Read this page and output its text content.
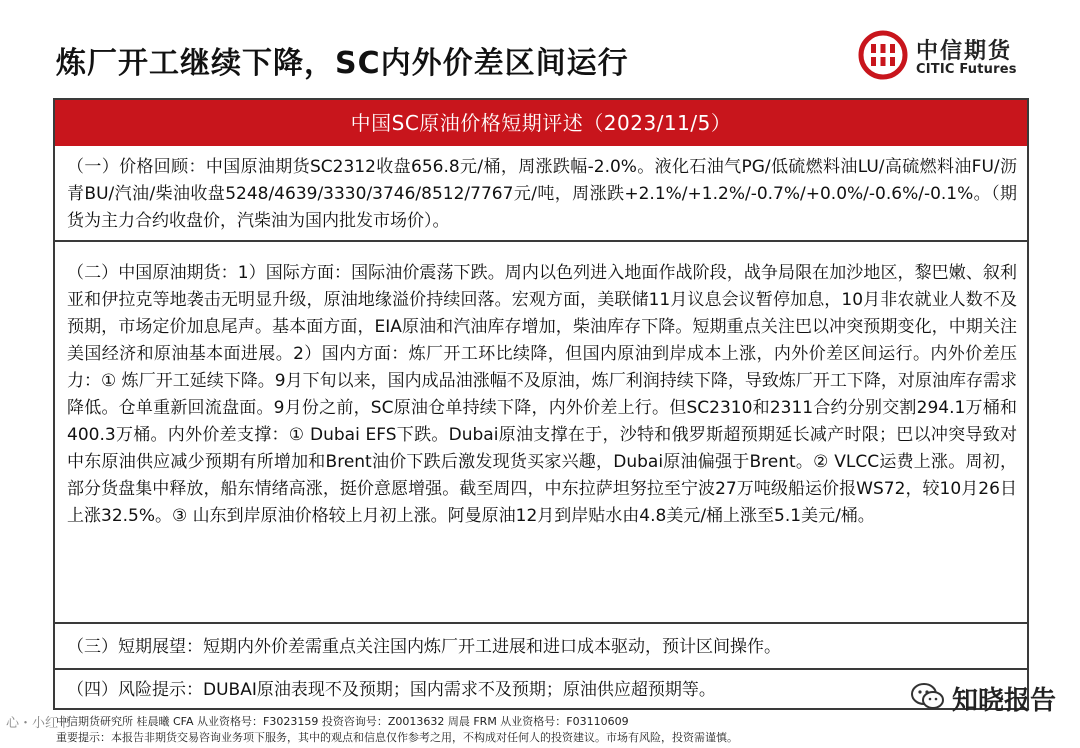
炼厂开工继续下降，SC内外价差区间运行	中信期货
CITIC Futures
中国SC原油价格短期评述（2023/11/5）
（一）价格回顾：中国原油期货SC2312收盘656.8元/桶，周涨跌幅-2.0%。液化石油气PG/低硫燃料油LU/高硫燃料油FU/沥青BU/汽油/柴油收盘5248/4639/3330/3746/8512/7767元/吨，周涨跌+2.1%/+1.2%/-0.7%/+0.0%/-0.6%/-0.1%。（期货为主力合约收盘价，汽柴油为国内批发市场价）。
（二）中国原油期货：1）国际方面：国际油价震荡下跌。周内以色列进入地面作战阶段，战争局限在加沙地区，黎巴嫩、叙利亚和伊拉克等地袭击无明显升级，原油地缘溢价持续回落。宏观方面，美联储11月议息会议暂停加息，10月非农就业人数不及预期，市场定价加息尾声。基本面方面，EIA原油和汽油库存增加，柴油库存下降。短期重点关注巴以冲突预期变化，中期关注美国经济和原油基本面进展。2）国内方面：炼厂开工环比续降，但国内原油到岸成本上涨，内外价差区间运行。内外价差压力：① 炼厂开工延续下降。9月下旬以来，国内成品油涨幅不及原油，炼厂利润持续下降，导致炼厂开工下降，对原油库存需求降低。仓单重新回流盘面。9月份之前，SC原油仓单持续下降，内外价差上行。但SC2310和2311合约分别交割294.1万桶和400.3万桶。内外价差支撑：① Dubai EFS下跌。Dubai原油支撑在于，沙特和俄罗斯超预期延长减产时限；巴以冲突导致对中东原油供应减少预期有所增加和Brent油价下跌后激发现货买家兴趣，Dubai原油偏强于Brent。② VLCC运费上涨。周初，部分货盘集中释放，船东情绪高涨，挺价意愿增强。截至周四，中东拉萨坦努拉至宁波27万吨级船运价报WS72，较10月26日上涨32.5%。③ 山东到岸原油价格较上月初上涨。阿曼原油12月到岸贴水由4.8美元/桶上涨至5.1美元/桶。
（三）短期展望：短期内外价差需重点关注国内炼厂开工进展和进口成本驱动，预计区间操作。
（四）风险提示：DUBAI原油表现不及预期；国内需求不及预期；原油供应超预期等。
中信期货研究所 桂晨曦 CFA 从业资格号：F3023159 投资咨询号：Z0013632 周晨 FRM 从业资格号：F03110609
重要提示：本报告非期货交易咨询业务项下服务，其中的观点和信息仅作参考之用，不构成对任何人的投资建议。市场有风险，投资需谨慎。
知晓报告
心・小红书
